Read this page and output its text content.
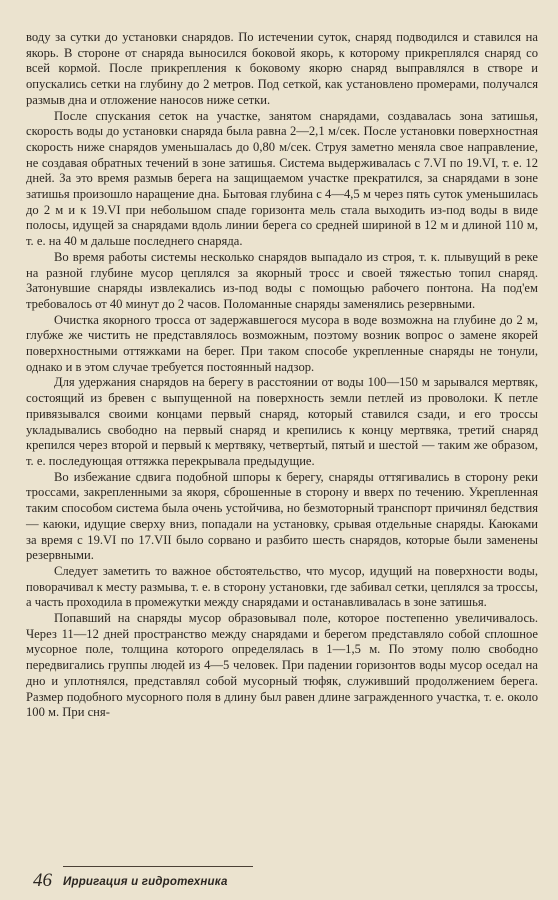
воду за сутки до установки снарядов. По истечении суток, снаряд подводился и ставился на якорь. В стороне от снаряда выносился боковой якорь, к которому прикреплялся снаряд со всей кормой. После прикрепления к боковому якорю снаряд выправлялся в створе и опускались сетки на глубину до 2 метров. Под сеткой, как установлено промерами, получался размыв дна и отложение наносов ниже сетки.

После спускания сеток на участке, занятом снарядами, создавалась зона затишья, скорость воды до установки снаряда была равна 2—2,1 м/сек. После установки поверхностная скорость ниже снарядов уменьшалась до 0,80 м/сек. Струя заметно меняла свое направление, не создавая обратных течений в зоне затишья. Система выдерживалась с 7.VI по 19.VI, т. е. 12 дней. За это время размыв берега на защищаемом участке прекратился, за снарядами в зоне затишья произошло наращение дна. Бытовая глубина с 4—4,5 м через пять суток уменьшилась до 2 м и к 19.VI при небольшом спаде горизонта мель стала выходить из-под воды в виде полосы, идущей за снарядами вдоль линии берега со средней шириной в 12 м и длиной 110 м, т. е. на 40 м дальше последнего снаряда.

Во время работы системы несколько снарядов выпадало из строя, т. к. плывущий в реке на разной глубине мусор цеплялся за якорный тросс и своей тяжестью топил снаряд. Затонувшие снаряды извлекались из-под воды с помощью рабочего понтона. На под'ем требовалось от 40 минут до 2 часов. Поломанные снаряды заменялись резервными.

Очистка якорного тросса от задержавшегося мусора в воде возможна на глубине до 2 м, глубже же чистить не представлялось возможным, поэтому возник вопрос о замене якорей поверхностными оттяжками на берег. При таком способе укрепленные снаряды не тонули, однако и в этом случае требуется постоянный надзор.

Для удержания снарядов на берегу в расстоянии от воды 100—150 м зарывался мертвяк, состоящий из бревен с выпущенной на поверхность земли петлей из проволоки. К петле привязывался своими концами первый снаряд, который ставился сзади, и его троссы укладывались свободно на первый снаряд и крепились к концу мертвяка, третий снаряд крепился через второй и первый к мертвяку, четвертый, пятый и шестой — таким же образом, т. е. последующая оттяжка перекрывала предыдущие.

Во избежание сдвига подобной шпоры к берегу, снаряды оттягивались в сторону реки троссами, закрепленными за якоря, сброшенные в сторону и вверх по течению. Укрепленная таким способом система была очень устойчива, но безмоторный транспорт причинял бедствия — каюки, идущие сверху вниз, попадали на установку, срывая отдельные снаряды. Каюками за время с 19.VI по 17.VII было сорвано и разбито шесть снарядов, которые были заменены резервными.

Следует заметить то важное обстоятельство, что мусор, идущий на поверхности воды, поворачивал к месту размыва, т. е. в сторону установки, где забивал сетки, цеплялся за троссы, а часть проходила в промежутки между снарядами и останавливалась в зоне затишья.

Попавший на снаряды мусор образовывал поле, которое постепенно увеличивалось. Через 11—12 дней пространство между снарядами и берегом представляло собой сплошное мусорное поле, толщина которого определялась в 1—1,5 м. По этому полю свободно передвигались группы людей из 4—5 человек. При падении горизонтов воды мусор оседал на дно и уплотнялся, представлял собой мусорный тюфяк, служивший продолжением берега. Размер подобного мусорного поля в длину был равен длине загражденного участка, т. е. около 100 м. При сня-

46 Ирригация и гидротехника
